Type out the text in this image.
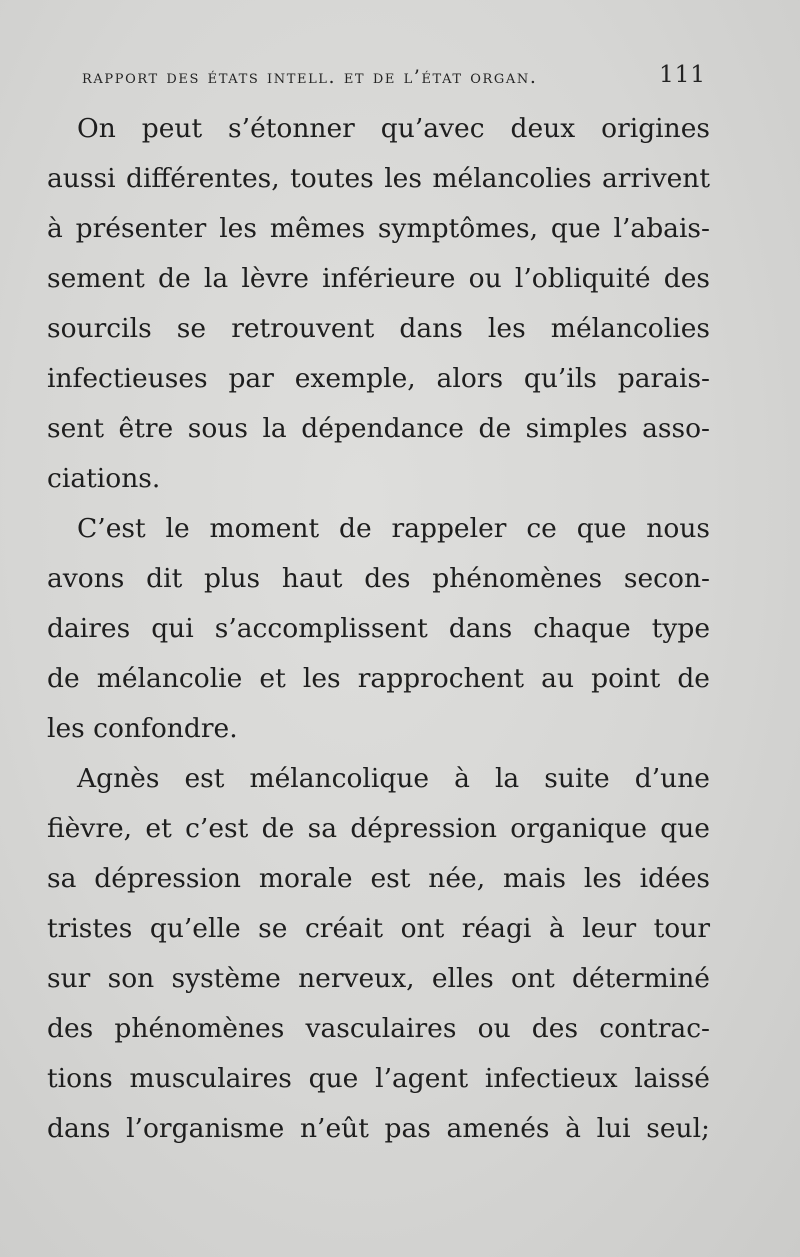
rapport des états intell. et de l’état organ.	111
On peut s’étonner qu’avec deux origines
aussi différentes, toutes les mélancolies arrivent
à présenter les mêmes symptômes, que l’abais-
sement de la lèvre inférieure ou l’obliquité des
sourcils se retrouvent dans les mélancolies
infectieuses par exemple, alors qu’ils parais-
sent être sous la dépendance de simples asso-
ciations.
C’est le moment de rappeler ce que nous
avons dit plus haut des phénomènes secon-
daires qui s’accomplissent dans chaque type
de mélancolie et les rapprochent au point de
les confondre.
Agnès est mélancolique à la suite d’une
fièvre, et c’est de sa dépression organique que
sa dépression morale est née, mais les idées
tristes qu’elle se créait ont réagi à leur tour
sur son système nerveux, elles ont déterminé
des phénomènes vasculaires ou des contrac-
tions musculaires que l’agent infectieux laissé
dans l’organisme n’eût pas amenés à lui seul;
